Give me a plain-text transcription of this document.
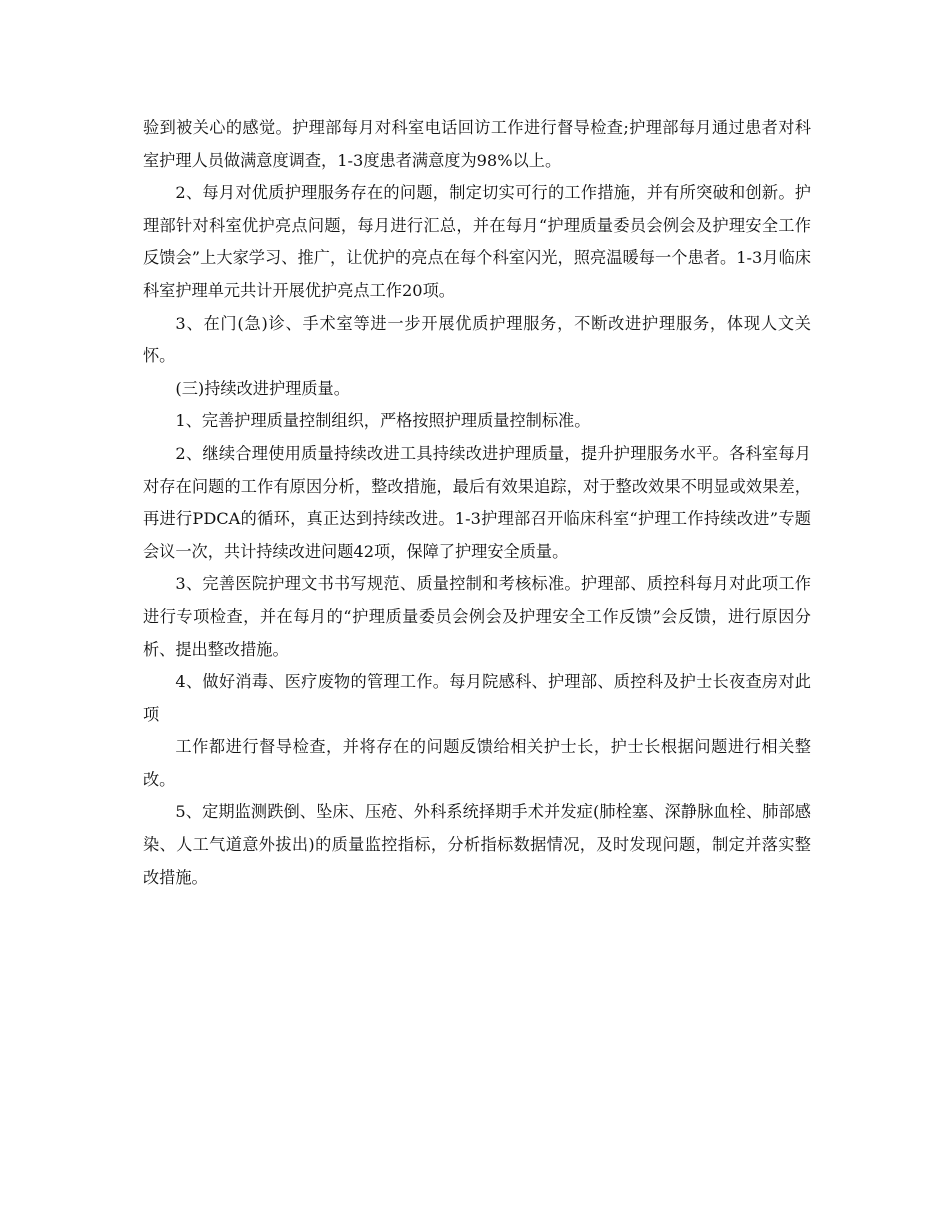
验到被关心的感觉。护理部每月对科室电话回访工作进行督导检查;护理部每月通过患者对科室护理人员做满意度调查，1-3度患者满意度为98%以上。

2、每月对优质护理服务存在的问题，制定切实可行的工作措施，并有所突破和创新。护理部针对科室优护亮点问题，每月进行汇总，并在每月“护理质量委员会例会及护理安全工作反馈会”上大家学习、推广，让优护的亮点在每个科室闪光，照亮温暖每一个患者。1-3月临床科室护理单元共计开展优护亮点工作20项。

3、在门(急)诊、手术室等进一步开展优质护理服务，不断改进护理服务，体现人文关怀。

(三)持续改进护理质量。

1、完善护理质量控制组织，严格按照护理质量控制标准。

2、继续合理使用质量持续改进工具持续改进护理质量，提升护理服务水平。各科室每月对存在问题的工作有原因分析，整改措施，最后有效果追踪，对于整改效果不明显或效果差，再进行PDCA的循环，真正达到持续改进。1-3护理部召开临床科室“护理工作持续改进”专题会议一次，共计持续改进问题42项，保障了护理安全质量。

3、完善医院护理文书书写规范、质量控制和考核标准。护理部、质控科每月对此项工作进行专项检查，并在每月的“护理质量委员会例会及护理安全工作反馈”会反馈，进行原因分析、提出整改措施。

4、做好消毒、医疗废物的管理工作。每月院感科、护理部、质控科及护士长夜查房对此项

工作都进行督导检查，并将存在的问题反馈给相关护士长，护士长根据问题进行相关整改。

5、定期监测跌倒、坠床、压疮、外科系统择期手术并发症(肺栓塞、深静脉血栓、肺部感染、人工气道意外拔出)的质量监控指标，分析指标数据情况，及时发现问题，制定并落实整改措施。
